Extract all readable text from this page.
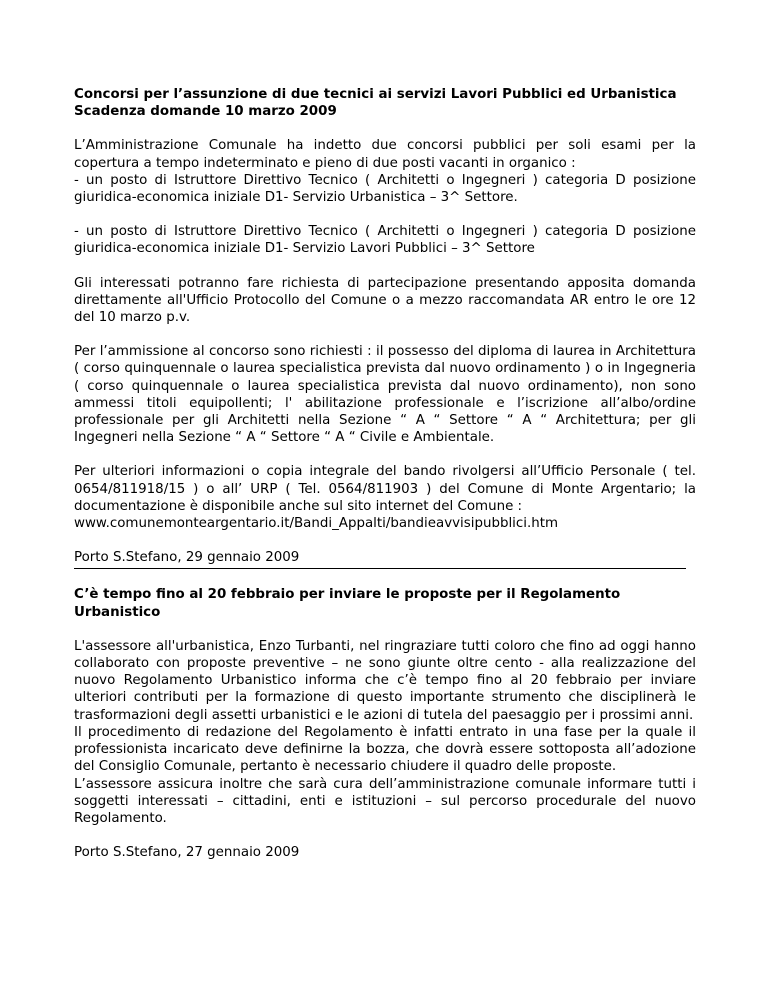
Concorsi per l’assunzione di due tecnici ai servizi Lavori Pubblici ed Urbanistica
Scadenza domande 10 marzo 2009

L’Amministrazione Comunale ha indetto due concorsi pubblici per soli esami per la copertura a tempo indeterminato e pieno di due posti vacanti in organico :

- un posto di Istruttore Direttivo Tecnico ( Architetti o Ingegneri ) categoria D posizione giuridica-economica iniziale D1- Servizio Urbanistica – 3^ Settore.

- un posto di Istruttore Direttivo Tecnico ( Architetti o Ingegneri ) categoria D posizione giuridica-economica iniziale D1- Servizio Lavori Pubblici – 3^ Settore

Gli interessati potranno fare richiesta di partecipazione presentando apposita domanda direttamente all'Ufficio Protocollo del Comune o a mezzo raccomandata AR entro le ore 12 del 10 marzo p.v.

Per l’ammissione al concorso sono richiesti : il possesso del diploma di laurea in Architettura ( corso quinquennale o laurea specialistica prevista dal nuovo ordinamento ) o in Ingegneria ( corso quinquennale o laurea specialistica prevista dal nuovo ordinamento), non sono ammessi titoli equipollenti; l' abilitazione professionale e l’iscrizione all’albo/ordine professionale per gli Architetti nella Sezione “ A “ Settore “ A “ Architettura; per gli Ingegneri nella Sezione “ A “ Settore “ A “ Civile e Ambientale.

Per ulteriori informazioni o copia integrale del bando rivolgersi all’Ufficio Personale ( tel. 0654/811918/15 ) o all’ URP ( Tel. 0564/811903 ) del Comune di Monte Argentario; la documentazione è disponibile anche sul sito internet del Comune :

www.comunemonteargentario.it/Bandi_Appalti/bandieavvisipubblici.htm

Porto S.Stefano, 29 gennaio 2009

C’è tempo fino al 20 febbraio per inviare le proposte per il Regolamento Urbanistico

L'assessore all'urbanistica, Enzo Turbanti, nel ringraziare tutti coloro che fino ad oggi hanno collaborato con proposte preventive – ne sono giunte oltre cento - alla realizzazione del nuovo Regolamento Urbanistico informa che c’è tempo fino al 20 febbraio per inviare ulteriori contributi per la formazione di questo importante strumento che disciplinerà le trasformazioni degli assetti urbanistici e le azioni di tutela del paesaggio per i prossimi anni.

Il procedimento di redazione del Regolamento è infatti entrato in una fase per la quale il professionista incaricato deve definirne la bozza, che dovrà essere sottoposta all’adozione del Consiglio Comunale, pertanto è necessario chiudere il quadro delle proposte.

L’assessore assicura inoltre che sarà cura dell’amministrazione comunale informare tutti i soggetti interessati – cittadini, enti e istituzioni – sul percorso procedurale del nuovo Regolamento.

Porto S.Stefano, 27 gennaio 2009
